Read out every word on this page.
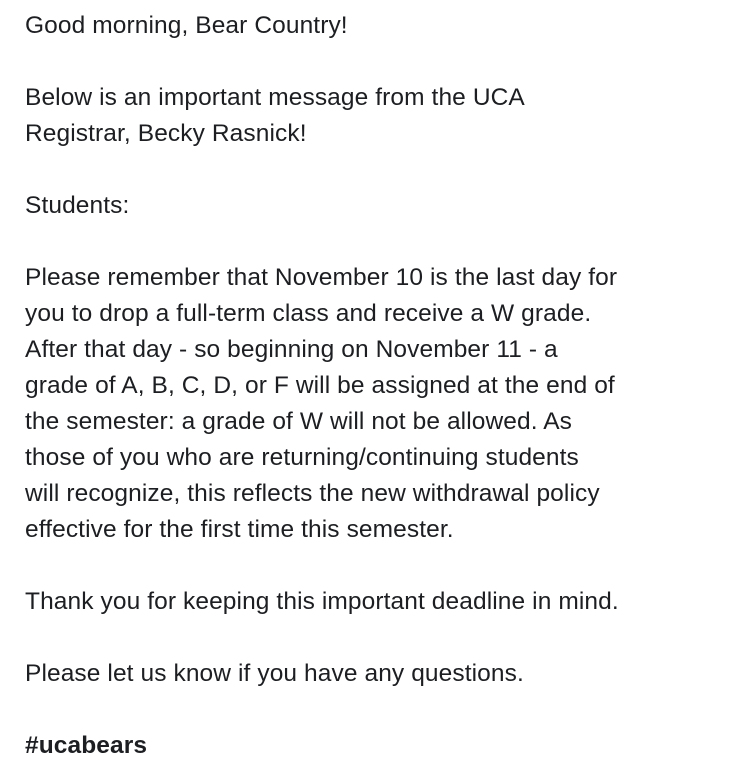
Good morning, Bear Country!
Below is an important message from the UCA
Registrar, Becky Rasnick!
Students:
Please remember that November 10 is the last day for
you to drop a full-term class and receive a W grade.
After that day - so beginning on November 11 - a
grade of A, B, C, D, or F will be assigned at the end of
the semester: a grade of W will not be allowed. As
those of you who are returning/continuing students
will recognize, this reflects the new withdrawal policy
effective for the first time this semester.
Thank you for keeping this important deadline in mind.
Please let us know if you have any questions.
#ucabears
